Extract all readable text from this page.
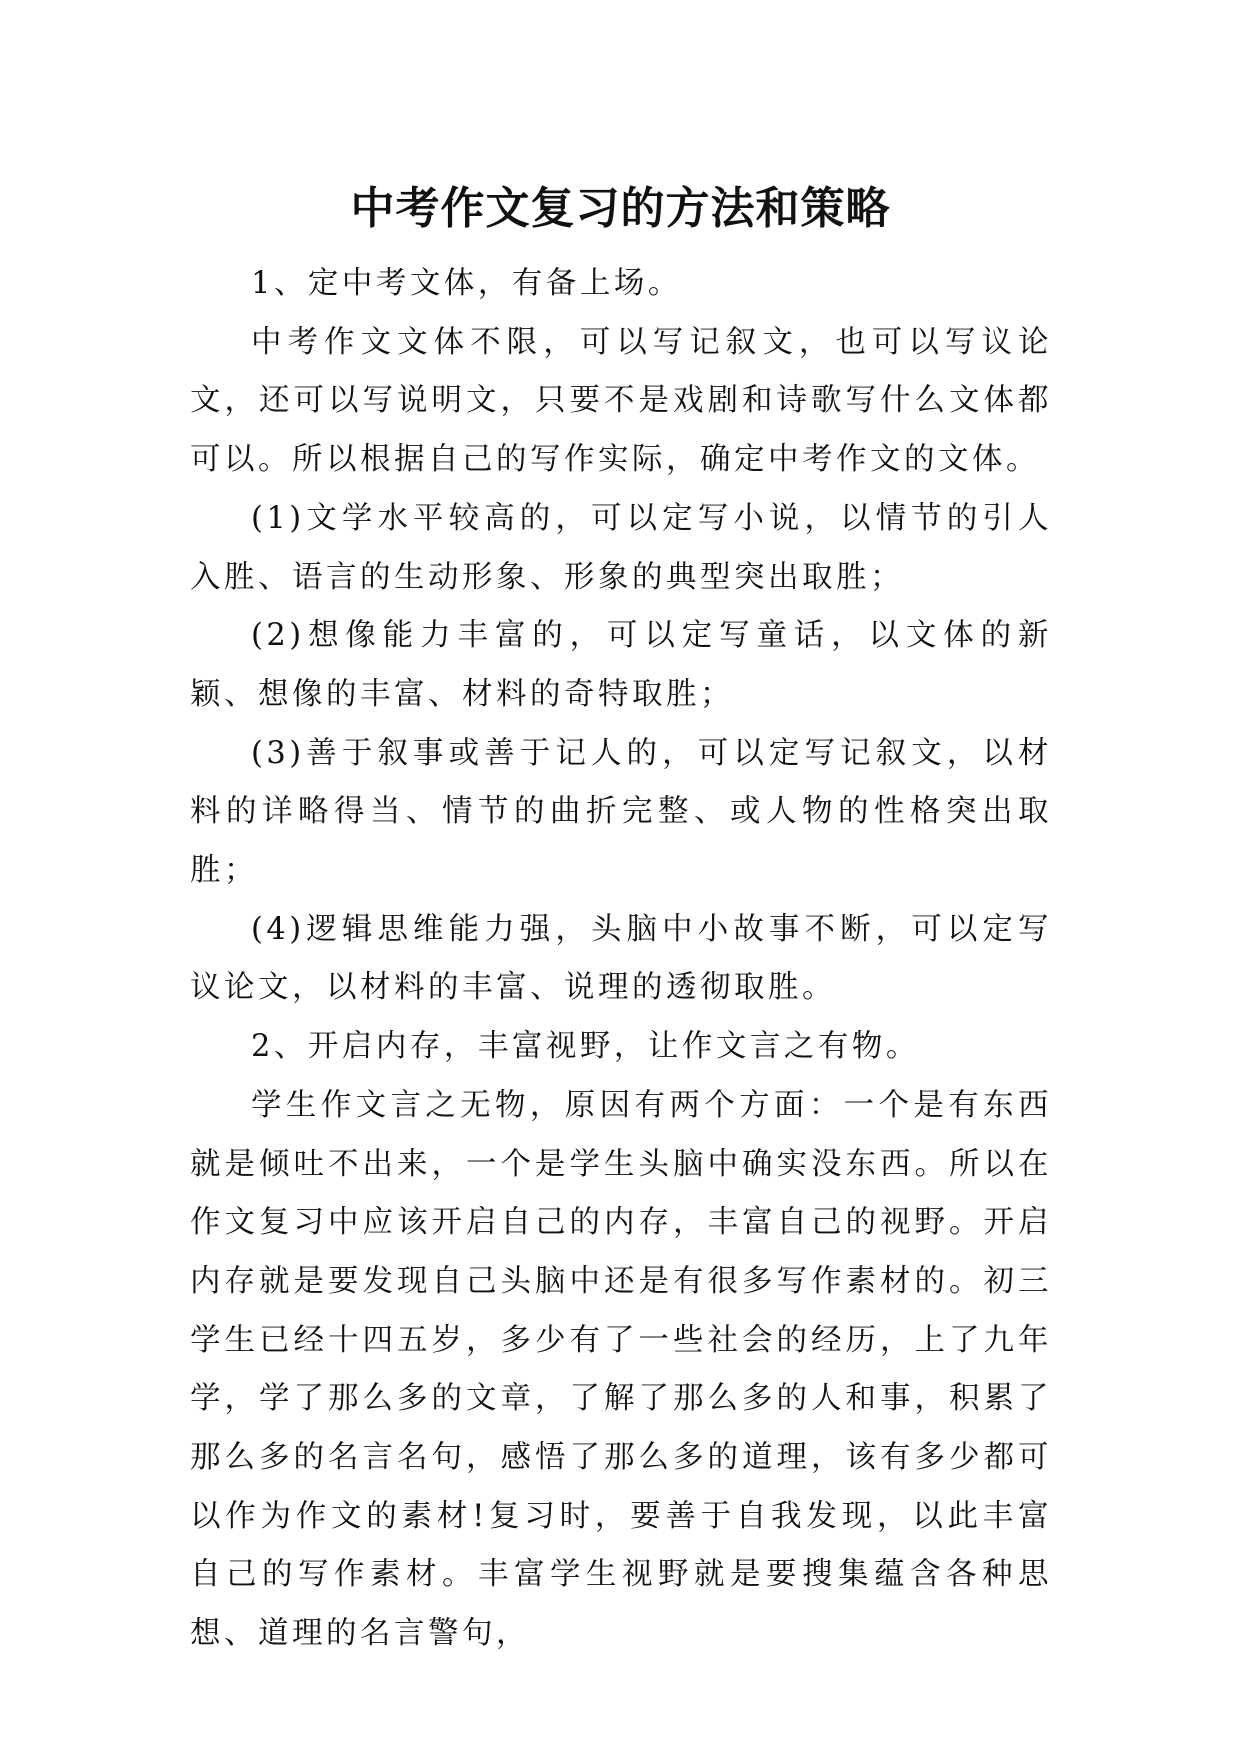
中考作文复习的方法和策略

1、定中考文体，有备上场。

中考作文文体不限，可以写记叙文，也可以写议论文，还可以写说明文，只要不是戏剧和诗歌写什么文体都可以。所以根据自己的写作实际，确定中考作文的文体。

(1)文学水平较高的，可以定写小说，以情节的引人入胜、语言的生动形象、形象的典型突出取胜；

(2)想像能力丰富的，可以定写童话，以文体的新颖、想像的丰富、材料的奇特取胜；

(3)善于叙事或善于记人的，可以定写记叙文，以材料的详略得当、情节的曲折完整、或人物的性格突出取胜；

(4)逻辑思维能力强，头脑中小故事不断，可以定写议论文，以材料的丰富、说理的透彻取胜。

2、开启内存，丰富视野，让作文言之有物。

学生作文言之无物，原因有两个方面：一个是有东西就是倾吐不出来，一个是学生头脑中确实没东西。所以在作文复习中应该开启自己的内存，丰富自己的视野。开启内存就是要发现自己头脑中还是有很多写作素材的。初三学生已经十四五岁，多少有了一些社会的经历，上了九年学，学了那么多的文章，了解了那么多的人和事，积累了那么多的名言名句，感悟了那么多的道理，该有多少都可以作为作文的素材!复习时，要善于自我发现，以此丰富自己的写作素材。丰富学生视野就是要搜集蕴含各种思想、道理的名言警句，
